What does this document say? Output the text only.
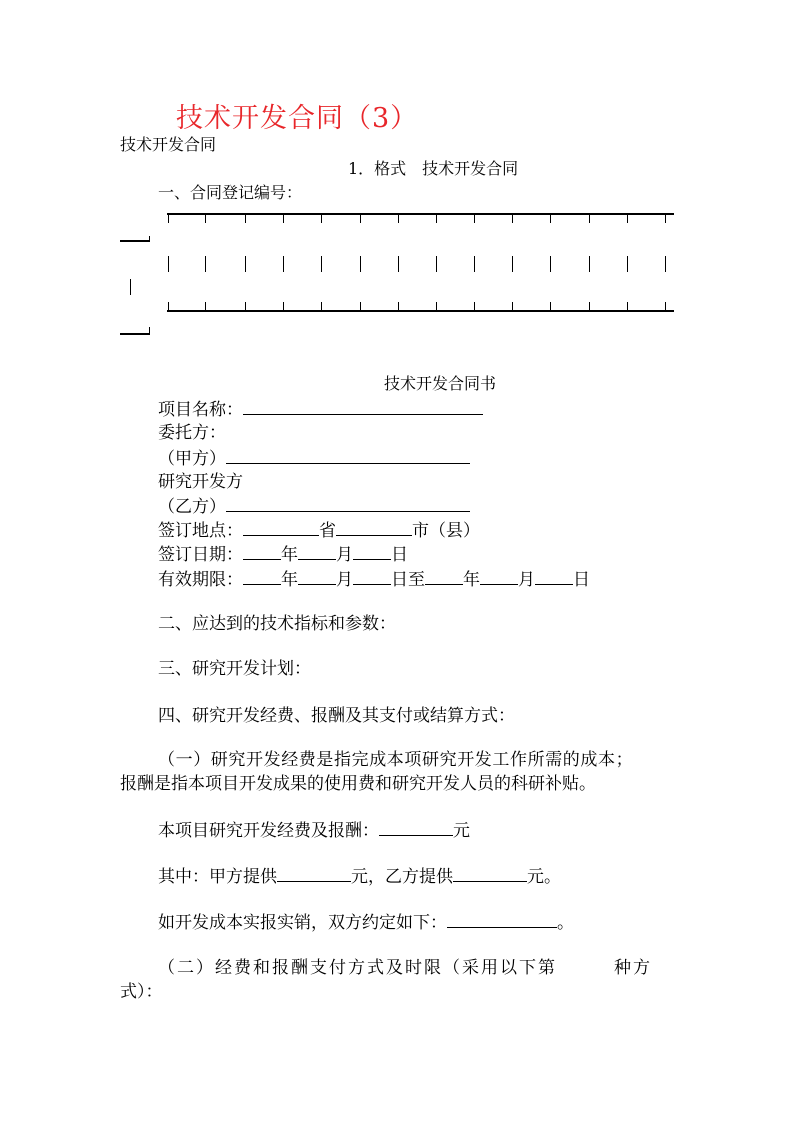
技术开发合同（3）
技术开发合同
1．格式　技术开发合同
一、合同登记编号：
技术开发合同书
项目名称：
委托方：
（甲方）
研究开发方
（乙方）
签订地点：	省	市（县）
签订日期： 年 月 日
有效期限： 年 月 日至 年 月 日
二、应达到的技术指标和参数：
三、研究开发计划：
四、研究开发经费、报酬及其支付或结算方式：
（一）研究开发经费是指完成本项研究开发工作所需的成本；
报酬是指本项目开发成果的使用费和研究开发人员的科研补贴。
本项目研究开发经费及报酬：	元
其中：甲方提供	元，乙方提供	元。
如开发成本实报实销，双方约定如下：	。
（二）经费和报酬支付方式及时限（采用以下第　　　种方
式）：
